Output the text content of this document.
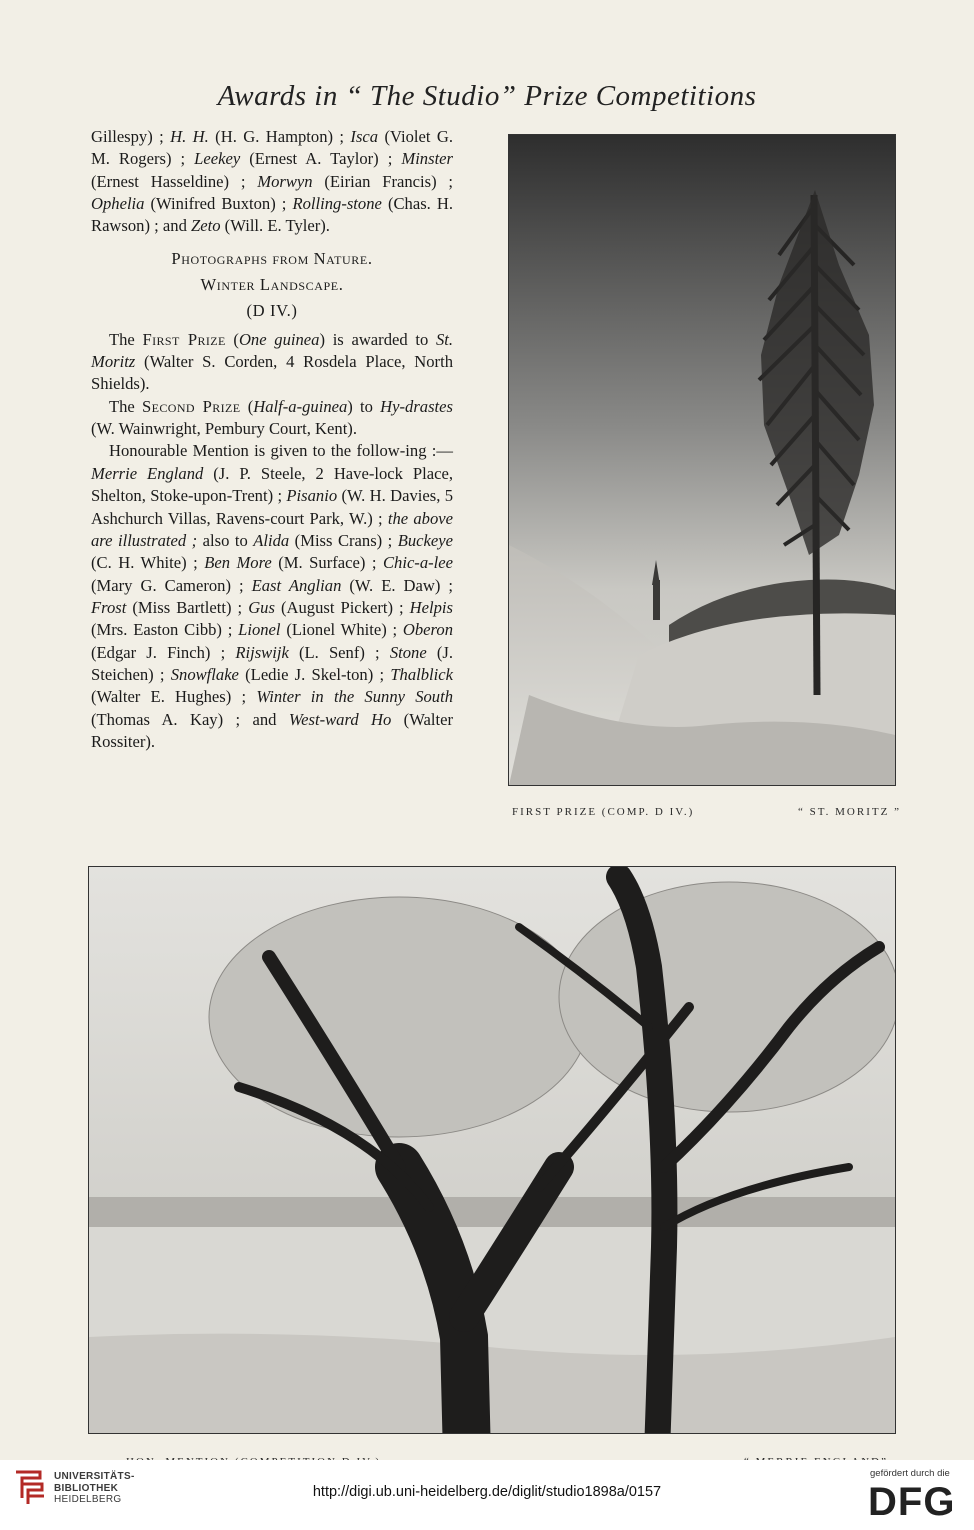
Awards in “ The Studio” Prize Competitions

Gillespy) ; H. H. (H. G. Hampton) ; Isca (Violet G. M. Rogers) ; Leekey (Ernest A. Taylor) ; Minster (Ernest Hasseldine) ; Morwyn (Eirian Francis) ; Ophelia (Winifred Buxton) ; Rolling-stone (Chas. H. Rawson) ; and Zeto (Will. E. Tyler).

Photographs from Nature.

Winter Landscape.

(D IV.)

The First Prize (One guinea) is awarded to St. Moritz (Walter S. Corden, 4 Rosdela Place, North Shields).

The Second Prize (Half-a-guinea) to Hy-drastes (W. Wainwright, Pembury Court, Kent).

Honourable Mention is given to the follow-ing :—Merrie England (J. P. Steele, 2 Have-lock Place, Shelton, Stoke-upon-Trent) ; Pisanio (W. H. Davies, 5 Ashchurch Villas, Ravens-court Park, W.) ; the above are illustrated ; also to Alida (Miss Crans) ; Buckeye (C. H. White) ; Ben More (M. Surface) ; Chic-a-lee (Mary G. Cameron) ; East Anglian (W. E. Daw) ; Frost (Miss Bartlett) ; Gus (August Pickert) ; Helpis (Mrs. Easton Cibb) ; Lionel (Lionel White) ; Oberon (Edgar J. Finch) ; Rijswijk (L. Senf) ; Stone (J. Steichen) ; Snowflake (Ledie J. Skel-ton) ; Thalblick (Walter E. Hughes) ; Winter in the Sunny South (Thomas A. Kay) ; and West-ward Ho (Walter Rossiter).

FIRST PRIZE (COMP. D IV.)	“ ST. MORITZ ”
UNIVERSITÄTS-
BIBLIOTHEK
HEIDELBERG	http://digi.ub.uni-heidelberg.de/diglit/studio1898a/0157
gefördert durch die
DFG
